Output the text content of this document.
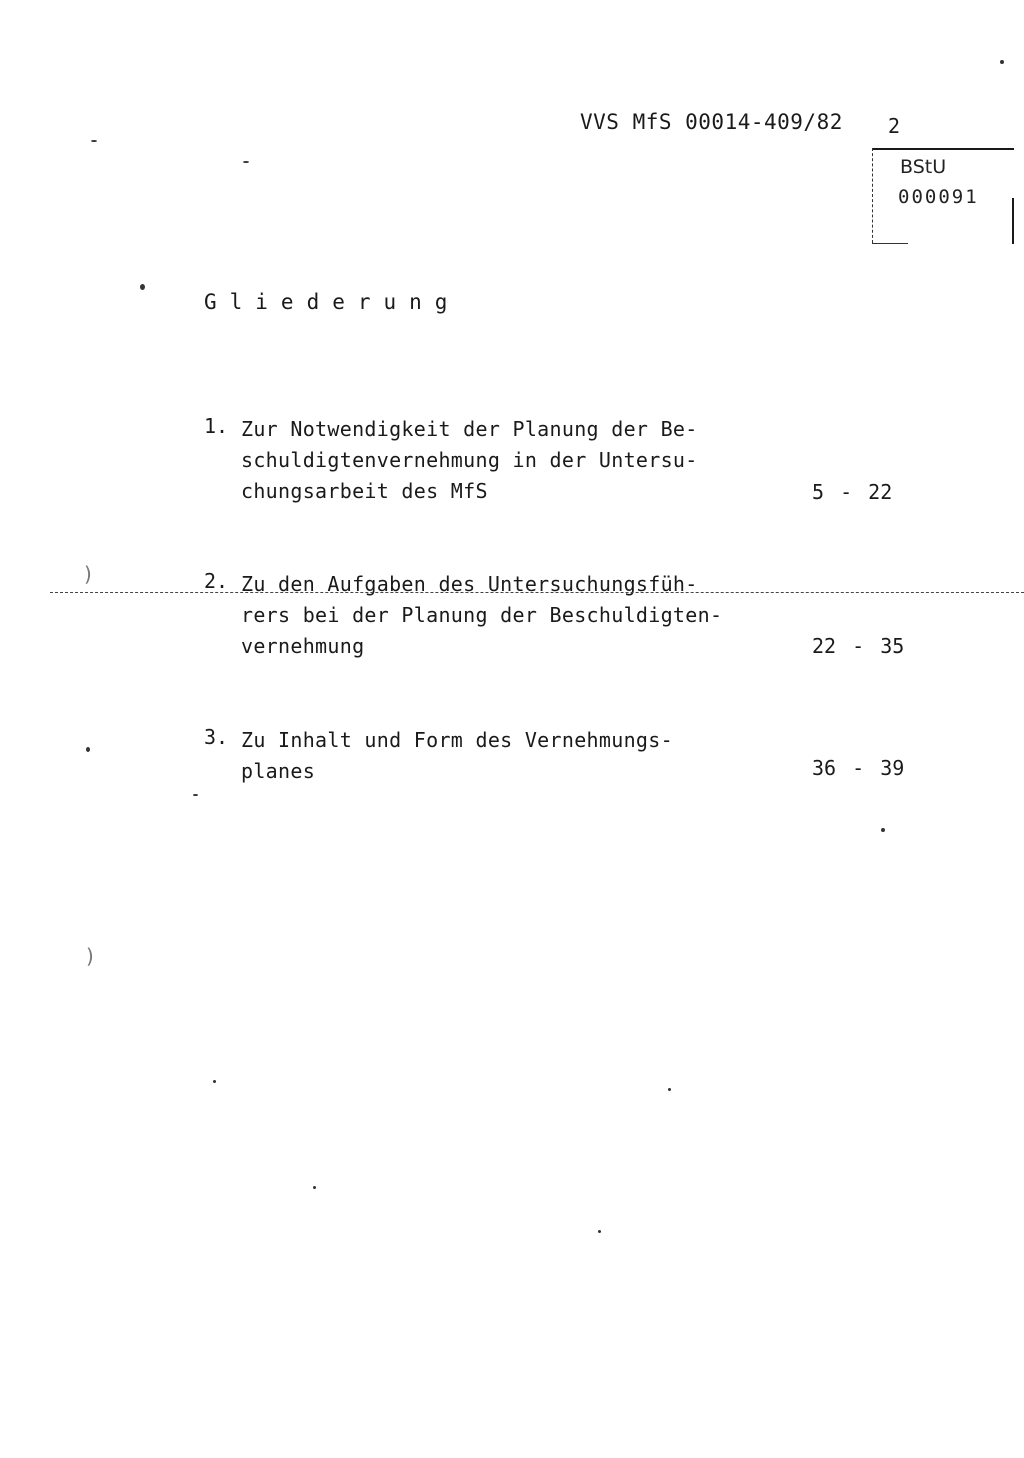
VVS MfS 00014-409/82 2
BStU
000091
Gliederung
1. Zur Notwendigkeit der Planung der Be-
schuldigtenvernehmung in der Untersu-
chungsarbeit des MfS	5 - 22
2. Zu den Aufgaben des Untersuchungsfüh-
rers bei der Planung der Beschuldigten-
vernehmung	22 - 35
3. Zu Inhalt und Form des Vernehmungs-
planes	36 - 39
)
)
